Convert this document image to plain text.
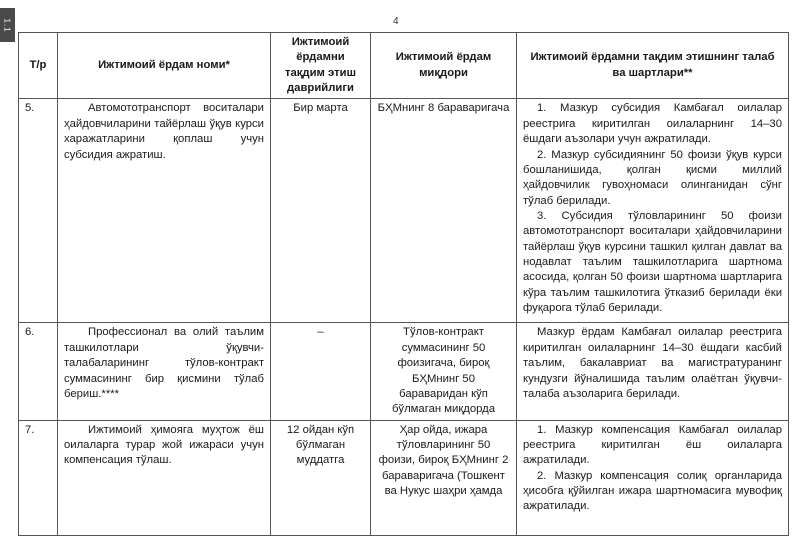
1.1	4
Т/р	Ижтимоий ёрдам номи*	Ижтимоий ёрдамни тақдим этиш даврийлиги	Ижтимоий ёрдам миқдори	Ижтимоий ёрдамни тақдим этишнинг талаб ва шартлари**
5.	Автомототранспорт воситалари ҳайдовчиларини тайёрлаш ўқув курси харажатларини қоплаш учун субсидия ажратиш.	Бир марта	БҲМнинг 8 бараваригача	1. Мазкур субсидия Камбағал оилалар реестрига киритилган оилаларнинг 14–30 ёшдаги аъзолари учун ажратилади.

2. Мазкур субсидиянинг 50 фоизи ўқув курси бошланишида, қолган қисми миллий ҳайдовчилик гувоҳномаси олинганидан сўнг тўлаб берилади.

3. Субсидия тўловларининг 50 фоизи автомототранспорт воситалари ҳайдовчиларини тайёрлаш ўқув курсини ташкил қилган давлат ва нодавлат таълим ташкилотларига шартнома асосида, қолган 50 фоизи шартнома шартларига кўра таълим ташкилотига ўтказиб берилади ёки фуқарога тўлаб берилади.

6.	Профессионал ва олий таълим ташкилотлари ўқувчи-талабаларининг тўлов-контракт суммасининг бир қисмини тўлаб бериш.****	–	Тўлов-контракт суммасининг 50 фоизигача, бироқ БҲМнинг 50 бараваридан кўп бўлмаган миқдорда	Мазкур ёрдам Камбағал оилалар реестрига киритилган оилаларнинг 14–30 ёшдаги касбий таълим, бакалавриат ва магистратуранинг кундузги йўналишида таълим олаётган ўқувчи-талаба аъзоларига берилади.

7.	Ижтимоий ҳимояга муҳтож ёш оилаларга турар жой ижараси учун компенсация тўлаш.	12 ойдан кўп бўлмаган муддатга	Ҳар ойда, ижара тўловларининг 50 фоизи, бироқ БҲМнинг 2 бараваригача (Тошкент ва Нукус шаҳри ҳамда	1. Мазкур компенсация Камбағал оилалар реестрига киритилган ёш оилаларга ажратилади.

2. Мазкур компенсация солиқ органларида ҳисобга қўйилган ижара шартномасига мувофиқ ажратилади.
